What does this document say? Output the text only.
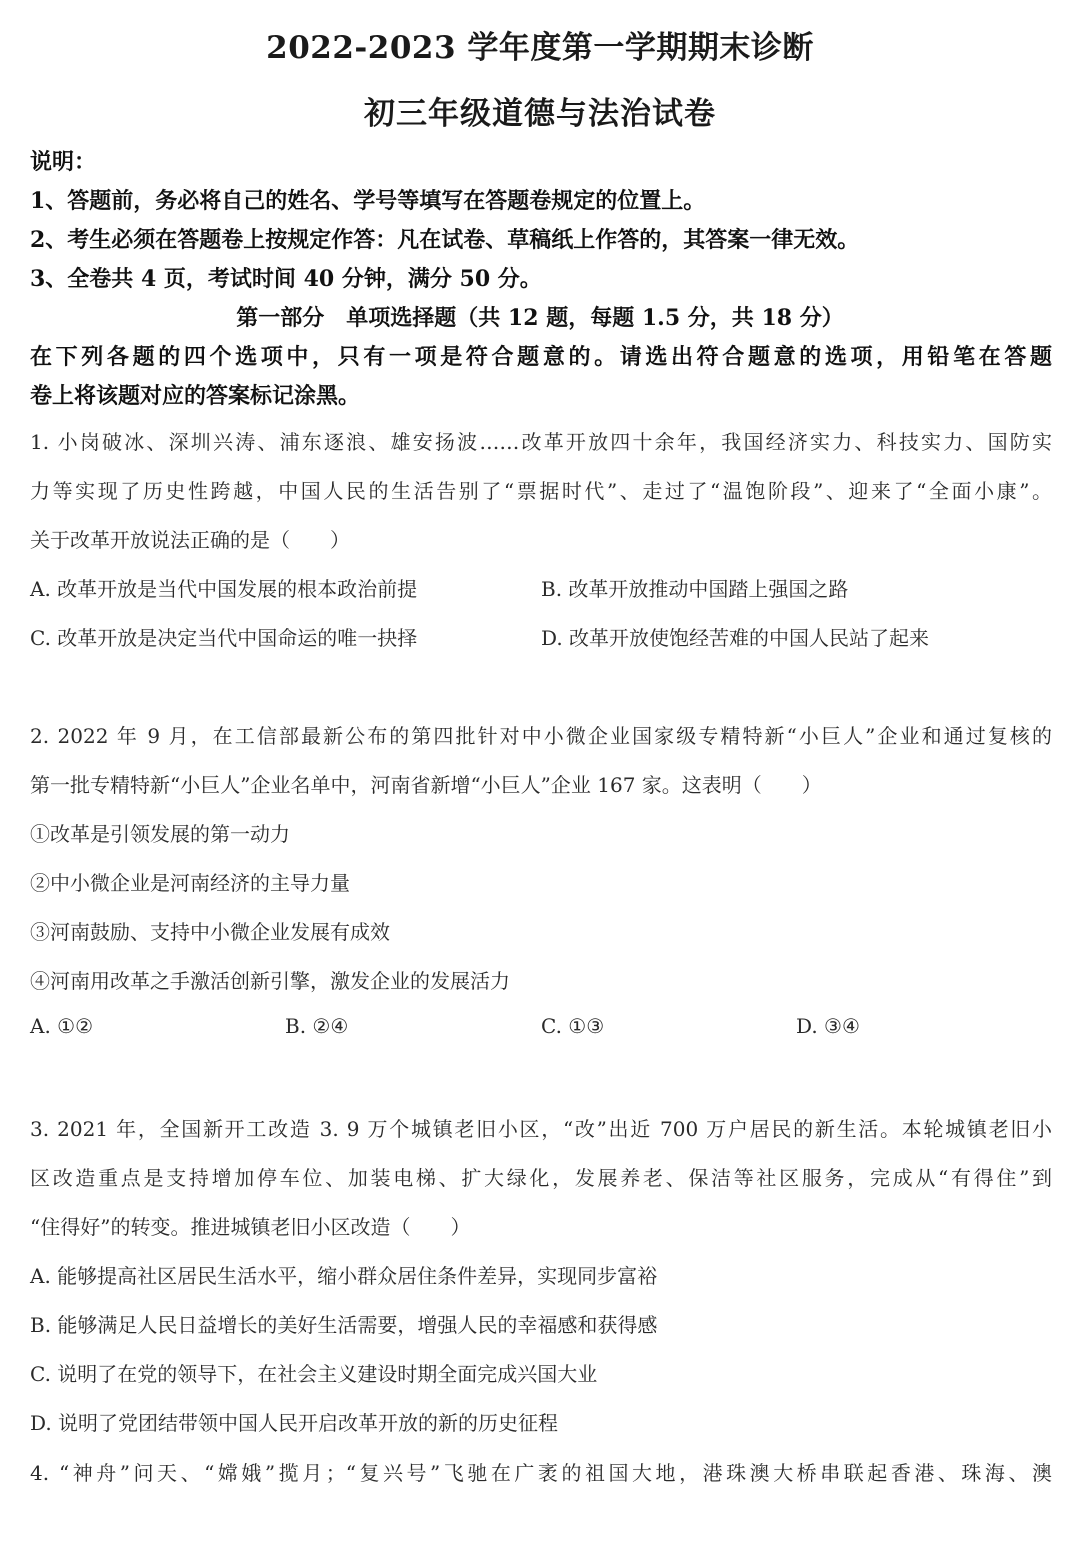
2022-2023 学年度第一学期期末诊断
初三年级道德与法治试卷
说明：
1、答题前，务必将自己的姓名、学号等填写在答题卷规定的位置上。
2、考生必须在答题卷上按规定作答：凡在试卷、草稿纸上作答的，其答案一律无效。
3、全卷共 4 页，考试时间 40 分钟，满分 50 分。
第一部分　单项选择题（共 12 题，每题 1.5 分，共 18 分）
在下列各题的四个选项中，只有一项是符合题意的。请选出符合题意的选项，用铅笔在答题
卷上将该题对应的答案标记涂黑。
1. 小岗破冰、深圳兴涛、浦东逐浪、雄安扬波……改革开放四十余年，我国经济实力、科技实力、国防实
力等实现了历史性跨越，中国人民的生活告别了“票据时代”、走过了“温饱阶段”、迎来了“全面小康”。
关于改革开放说法正确的是（　　）
A. 改革开放是当代中国发展的根本政治前提	B. 改革开放推动中国踏上强国之路
C. 改革开放是决定当代中国命运的唯一抉择	D. 改革开放使饱经苦难的中国人民站了起来
2. 2022 年 9 月，在工信部最新公布的第四批针对中小微企业国家级专精特新“小巨人”企业和通过复核的
第一批专精特新“小巨人”企业名单中，河南省新增“小巨人”企业 167 家。这表明（　　）
①改革是引领发展的第一动力
②中小微企业是河南经济的主导力量
③河南鼓励、支持中小微企业发展有成效
④河南用改革之手激活创新引擎，激发企业的发展活力
A. ①②	B. ②④	C. ①③	D. ③④
3. 2021 年，全国新开工改造 3. 9 万个城镇老旧小区，“改”出近 700 万户居民的新生活。本轮城镇老旧小
区改造重点是支持增加停车位、加装电梯、扩大绿化，发展养老、保洁等社区服务，完成从“有得住”到
“住得好”的转变。推进城镇老旧小区改造（　　）
A. 能够提高社区居民生活水平，缩小群众居住条件差异，实现同步富裕
B. 能够满足人民日益增长的美好生活需要，增强人民的幸福感和获得感
C. 说明了在党的领导下，在社会主义建设时期全面完成兴国大业
D. 说明了党团结带领中国人民开启改革开放的新的历史征程
4. “神舟”问天、“嫦娥”揽月；“复兴号”飞驰在广袤的祖国大地，港珠澳大桥串联起香港、珠海、澳
